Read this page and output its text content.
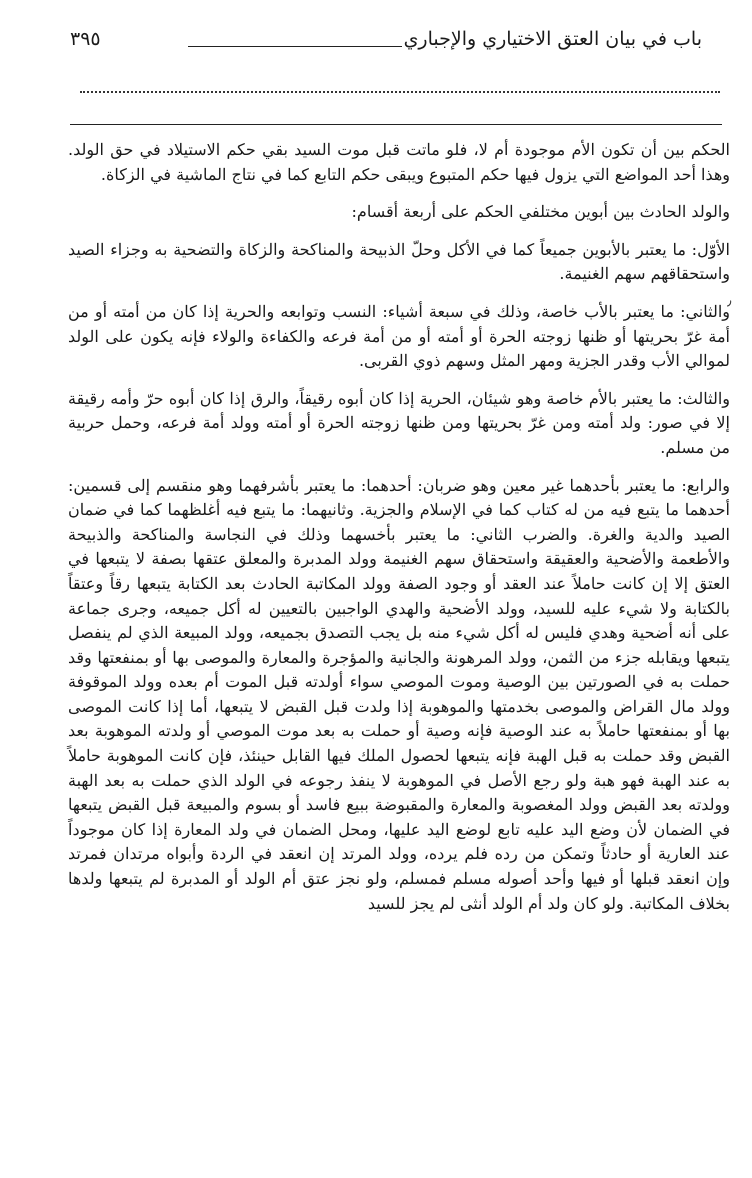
باب في بيان العتق الاختياري والإجباري
٣٩٥
٫

الحكم بين أن تكون الأم موجودة أم لا، فلو ماتت قبل موت السيد بقي حكم الاستيلاد في حق الولد. وهذا أحد المواضع التي يزول فيها حكم المتبوع ويبقى حكم التابع كما في نتاج الماشية في الزكاة.

والولد الحادث بين أبوين مختلفي الحكم على أربعة أقسام:

الأوّل: ما يعتبر بالأبوين جميعاً كما في الأكل وحلّ الذبيحة والمناكحة والزكاة والتضحية به وجزاء الصيد واستحقاقهم سهم الغنيمة.

والثاني: ما يعتبر بالأب خاصة، وذلك في سبعة أشياء: النسب وتوابعه والحرية إذا كان من أمته أو من أمة غرّ بحريتها أو ظنها زوجته الحرة أو أمته أو من أمة فرعه والكفاءة والولاء فإنه يكون على الولد لموالي الأب وقدر الجزية ومهر المثل وسهم ذوي القربى.

والثالث: ما يعتبر بالأم خاصة وهو شيئان، الحرية إذا كان أبوه رقيقاً، والرق إذا كان أبوه حرّ وأمه رقيقة إلا في صور: ولد أمته ومن غرّ بحريتها ومن ظنها زوجته الحرة أو أمته وولد أمة فرعه، وحمل حربية من مسلم.

والرابع: ما يعتبر بأحدهما غير معين وهو ضربان: أحدهما: ما يعتبر بأشرفهما وهو منقسم إلى قسمين: أحدهما ما يتبع فيه من له كتاب كما في الإسلام والجزية. وثانيهما: ما يتبع فيه أغلظهما كما في ضمان الصيد والدية والغرة. والضرب الثاني: ما يعتبر بأخسهما وذلك في النجاسة والمناكحة والذبيحة والأطعمة والأضحية والعقيقة واستحقاق سهم الغنيمة وولد المدبرة والمعلق عتقها بصفة لا يتبعها في العتق إلا إن كانت حاملاً عند العقد أو وجود الصفة وولد المكاتبة الحادث بعد الكتابة يتبعها رقاً وعتقاً بالكتابة ولا شيء عليه للسيد، وولد الأضحية والهدي الواجبين بالتعيين له أكل جميعه، وجرى جماعة على أنه أضحية وهدي فليس له أكل شيء منه بل يجب التصدق بجميعه، وولد المبيعة الذي لم ينفصل يتبعها ويقابله جزء من الثمن، وولد المرهونة والجانية والمؤجرة والمعارة والموصى بها أو بمنفعتها وقد حملت به في الصورتين بين الوصية وموت الموصي سواء أولدته قبل الموت أم بعده وولد الموقوفة وولد مال القراض والموصى بخدمتها والموهوبة إذا ولدت قبل القبض لا يتبعها، أما إذا كانت الموصى بها أو بمنفعتها حاملاً به عند الوصية فإنه وصية أو حملت به بعد موت الموصي أو ولدته الموهوبة بعد القبض وقد حملت به قبل الهبة فإنه يتبعها لحصول الملك فيها القابل حينئذ، فإن كانت الموهوبة حاملاً به عند الهبة فهو هبة ولو رجع الأصل في الموهوبة لا ينفذ رجوعه في الولد الذي حملت به بعد الهبة وولدته بعد القبض وولد المغصوبة والمعارة والمقبوضة ببيع فاسد أو بسوم والمبيعة قبل القبض يتبعها في الضمان لأن وضع اليد عليه تابع لوضع اليد عليها، ومحل الضمان في ولد المعارة إذا كان موجوداً عند العارية أو حادثاً وتمكن من رده فلم يرده، وولد المرتد إن انعقد في الردة وأبواه مرتدان فمرتد وإن انعقد قبلها أو فيها وأحد أصوله مسلم فمسلم، ولو نجز عتق أم الولد أو المدبرة لم يتبعها ولدها بخلاف المكاتبة. ولو كان ولد أم الولد أنثى لم يجز للسيد
